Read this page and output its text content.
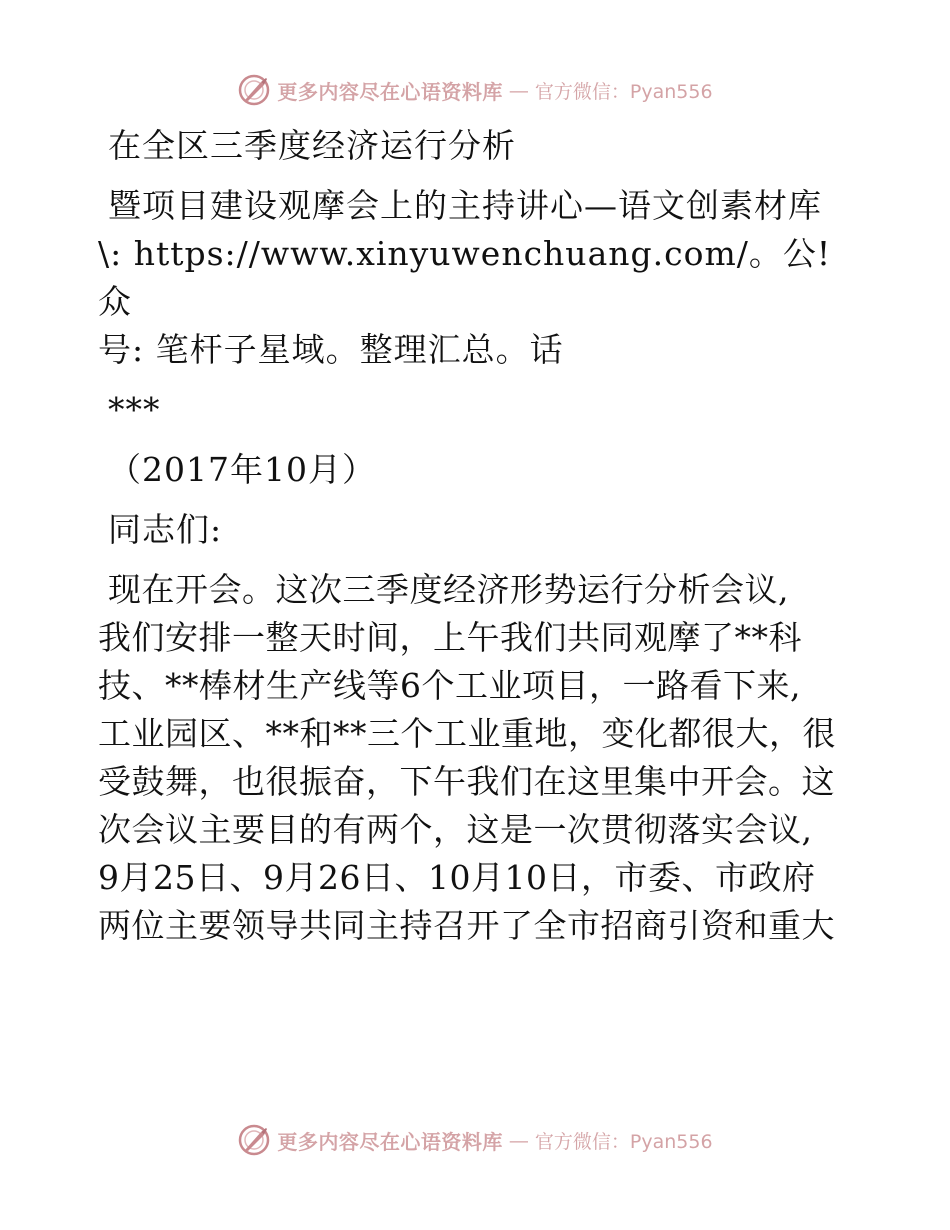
更多内容尽在心语资料库 — 官方微信：Pyan556

在全区三季度经济运行分析

暨项目建设观摩会上的主持讲心—语文创素材库

\: https://www.xinyuwenchuang.com/。公! 众

号: 笔杆子星域。整理汇总。话

***

（2017年10月）

同志们:

现在开会。这次三季度经济形势运行分析会议,

我们安排一整天时间，上午我们共同观摩了**科

技、**棒材生产线等6个工业项目，一路看下来,

工业园区、**和**三个工业重地，变化都很大，很

受鼓舞，也很振奋，下午我们在这里集中开会。这

次会议主要目的有两个，这是一次贯彻落实会议,

9月25日、9月26日、10月10日，市委、市政府

两位主要领导共同主持召开了全市招商引资和重大

更多内容尽在心语资料库 — 官方微信：Pyan556
